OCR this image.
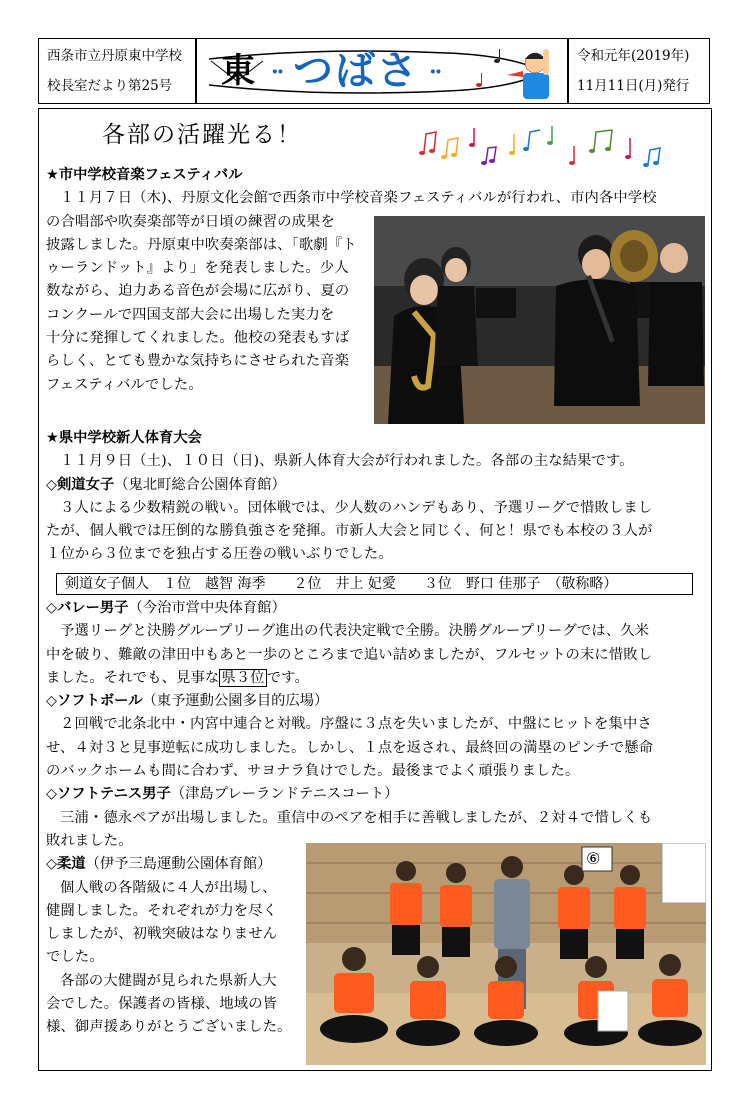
西条市立丹原東中学校
校長室だより第25号 東 ·· つばさ ··
令和元年(2019年)
11月11日(月)発行
各部の活躍光る！

★市中学校音楽フェスティバル

１１月７日（木)、丹原文化会館で西条市中学校音楽フェスティバルが行われ、市内各中学校

の合唱部や吹奏楽部等が日頃の練習の成果を

披露しました。丹原東中吹奏楽部は、｢歌劇『ト

ゥーランドット』より」を発表しました。少人

数ながら、迫力ある音色が会場に広がり、夏の

コンクールで四国支部大会に出場した実力を

十分に発揮してくれました。他校の発表もすば

らしく、とても豊かな気持ちにさせられた音楽

フェスティバルでした。

★県中学校新人体育大会

１１月９日（土)、１０日（日)、県新人体育大会が行われました。各部の主な結果です。

◇剣道女子（鬼北町総合公園体育館）

３人による少数精鋭の戦い。団体戦では、少人数のハンデもあり、予選リーグで惜敗しまし

たが、個人戦では圧倒的な勝負強さを発揮。市新人大会と同じく、何と！県でも本校の３人が

１位から３位までを独占する圧巻の戦いぶりでした。

剣道女子個人　１位　越智 海季　　２位　井上 妃愛　　３位　野口 佳那子　（敬称略）

◇バレー男子（今治市営中央体育館）

予選リーグと決勝グループリーグ進出の代表決定戦で全勝。決勝グループリーグでは、久米

中を破り、難敵の津田中もあと一歩のところまで追い詰めましたが、フルセットの末に惜敗し

ました。それでも、見事な 県３位 です。

◇ソフトボール（東予運動公園多目的広場）

２回戦で北条北中・内宮中連合と対戦。序盤に３点を失いましたが、中盤にヒットを集中さ

せ、４対３と見事逆転に成功しました。しかし、１点を返され、最終回の満塁のピンチで懸命

のバックホームも間に合わず、サヨナラ負けでした。最後までよく頑張りました。

◇ソフトテニス男子（津島プレーランドテニスコート）

三浦・德永ペアが出場しました。重信中のペアを相手に善戦しましたが、２対４で惜しくも

敗れました。

◇柔道（伊予三島運動公園体育館）

個人戦の各階級に４人が出場し、

健闘しました。それぞれが力を尽く

しましたが、初戦突破はなりません

でした。

各部の大健闘が見られた県新人大

会でした。保護者の皆様、地域の皆

様、御声援ありがとうございました。

⑥
